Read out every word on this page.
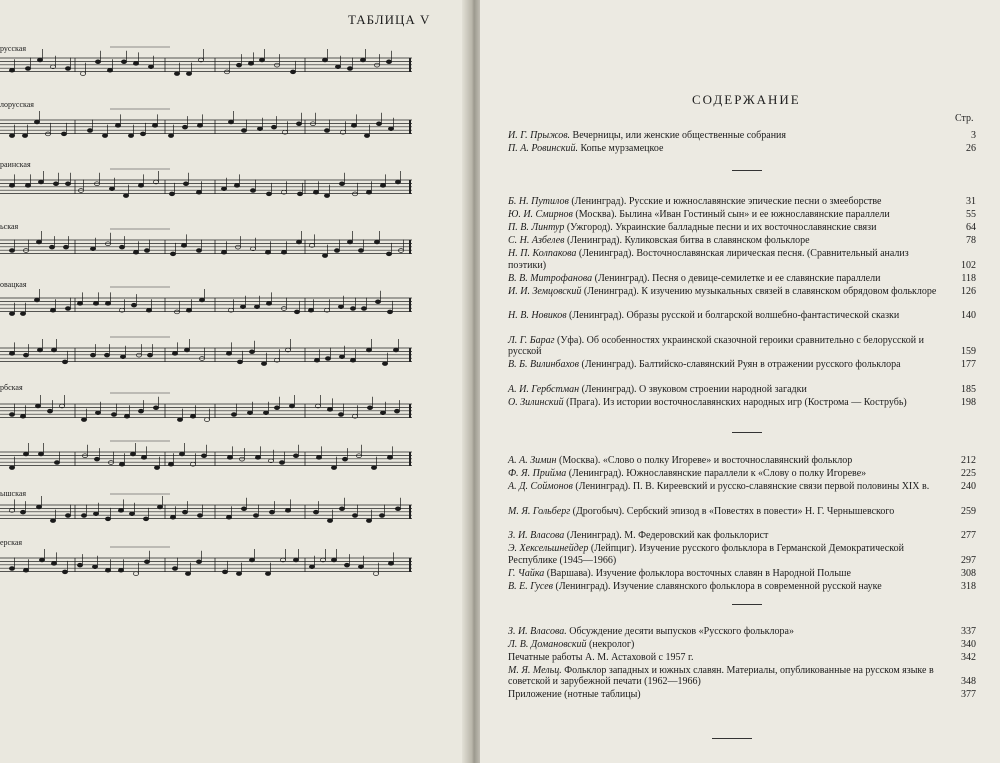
ТАБЛИЦА V
русская
лорусская
раинская
ьская
овацкая
рбская
ышская
ерская
СОДЕРЖАНИЕ
Стр.
И. Г. Прыжов. Вечерницы, или женские общественные собрания	3
П. А. Ровинский. Копье мурзамецкое	26
Б. Н. Путилов (Ленинград). Русские и южнославянские эпические песни о змееборстве	31
Ю. И. Смирнов (Москва). Былина «Иван Гостиный сын» и ее южнославянские параллели	55
П. В. Линтур (Ужгород). Украинские балладные песни и их восточнославянские связи	64
С. Н. Азбелев (Ленинград). Куликовская битва в славянском фольклоре	78
Н. П. Колпакова (Ленинград). Восточнославянская лирическая песня. (Сравнительный анализ поэтики)	102
В. В. Митрофанова (Ленинград). Песня о девице-семилетке и ее славянские параллели	118
И. И. Земцовский (Ленинград). К изучению музыкальных связей в славянском обрядовом фольклоре	126
Н. В. Новиков (Ленинград). Образы русской и болгарской волшебно-фантастической сказки	140
Л. Г. Бараг (Уфа). Об особенностях украинской сказочной героики сравнительно с белорусской и русской	159
В. Б. Вилинбахов (Ленинград). Балтийско-славянский Руян в отражении русского фольклора	177
А. И. Гербстман (Ленинград). О звуковом строении народной загадки	185
О. Зилинский (Прага). Из истории восточнославянских народных игр (Кострома — Кострубь)	198
А. А. Зимин (Москва). «Слово о полку Игореве» и восточнославянский фольклор	212
Ф. Я. Прийма (Ленинград). Южнославянские параллели к «Слову о полку Игореве»	225
А. Д. Соймонов (Ленинград). П. В. Киреевский и русско-славянские связи первой половины XIX в.	240
М. Я. Гольберг (Дрогобыч). Сербский эпизод в «Повестях в повести» Н. Г. Чернышевского	259
З. И. Власова (Ленинград). М. Федеровский как фольклорист	277
Э. Хексельшнейдер (Лейпциг). Изучение русского фольклора в Германской Демократической Республике (1945—1966)	297
Г. Чайка (Варшава). Изучение фольклора восточных славян в Народной Польше	308
В. Е. Гусев (Ленинград). Изучение славянского фольклора в современной русской науке	318
З. И. Власова. Обсуждение десяти выпусков «Русского фольклора»	337
Л. В. Домановский (некролог)	340
Печатные работы А. М. Астаховой с 1957 г.	342
М. Я. Мельц. Фольклор западных и южных славян. Материалы, опубликованные на русском языке в советской и зарубежной печати (1962—1966)	348
Приложение (нотные таблицы)	377
